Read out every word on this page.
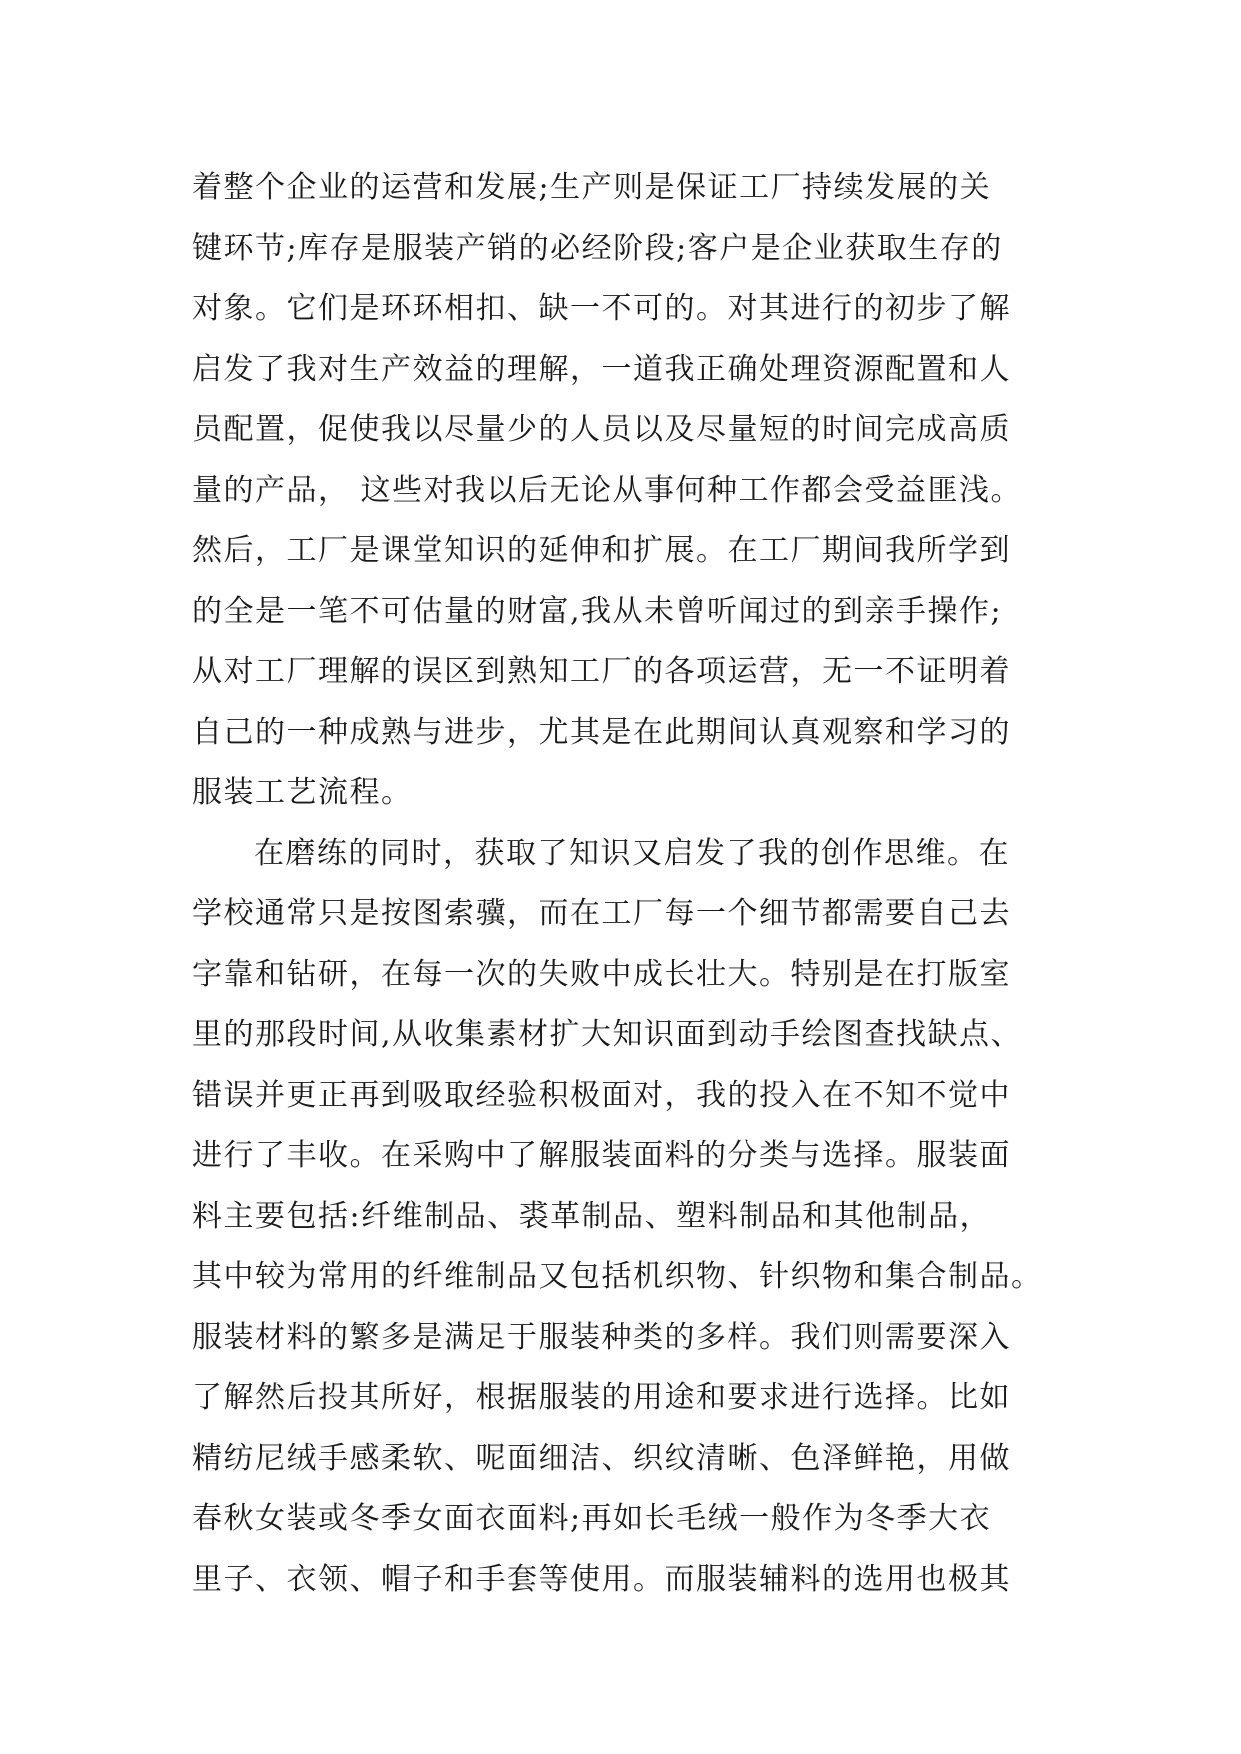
着整个企业的运营和发展;生产则是保证工厂持续发展的关
键环节;库存是服装产销的必经阶段;客户是企业获取生存的
对象。它们是环环相扣、缺一不可的。对其进行的初步了解
启发了我对生产效益的理解，一道我正确处理资源配置和人
员配置，促使我以尽量少的人员以及尽量短的时间完成高质
量的产品， 这些对我以后无论从事何种工作都会受益匪浅。
然后，工厂是课堂知识的延伸和扩展。在工厂期间我所学到
的全是一笔不可估量的财富,我从未曾听闻过的到亲手操作;
从对工厂理解的误区到熟知工厂的各项运营，无一不证明着
自己的一种成熟与进步，尤其是在此期间认真观察和学习的
服装工艺流程。
在磨练的同时，获取了知识又启发了我的创作思维。在
学校通常只是按图索骥，而在工厂每一个细节都需要自己去
字靠和钻研，在每一次的失败中成长壮大。特别是在打版室
里的那段时间,从收集素材扩大知识面到动手绘图查找缺点、
错误并更正再到吸取经验积极面对，我的投入在不知不觉中
进行了丰收。在采购中了解服装面料的分类与选择。服装面
料主要包括:纤维制品、裘革制品、塑料制品和其他制品，
其中较为常用的纤维制品又包括机织物、针织物和集合制品。
服装材料的繁多是满足于服装种类的多样。我们则需要深入
了解然后投其所好，根据服装的用途和要求进行选择。比如
精纺尼绒手感柔软、呢面细洁、织纹清晰、色泽鲜艳，用做
春秋女装或冬季女面衣面料;再如长毛绒一般作为冬季大衣
里子、衣领、帽子和手套等使用。而服装辅料的选用也极其
